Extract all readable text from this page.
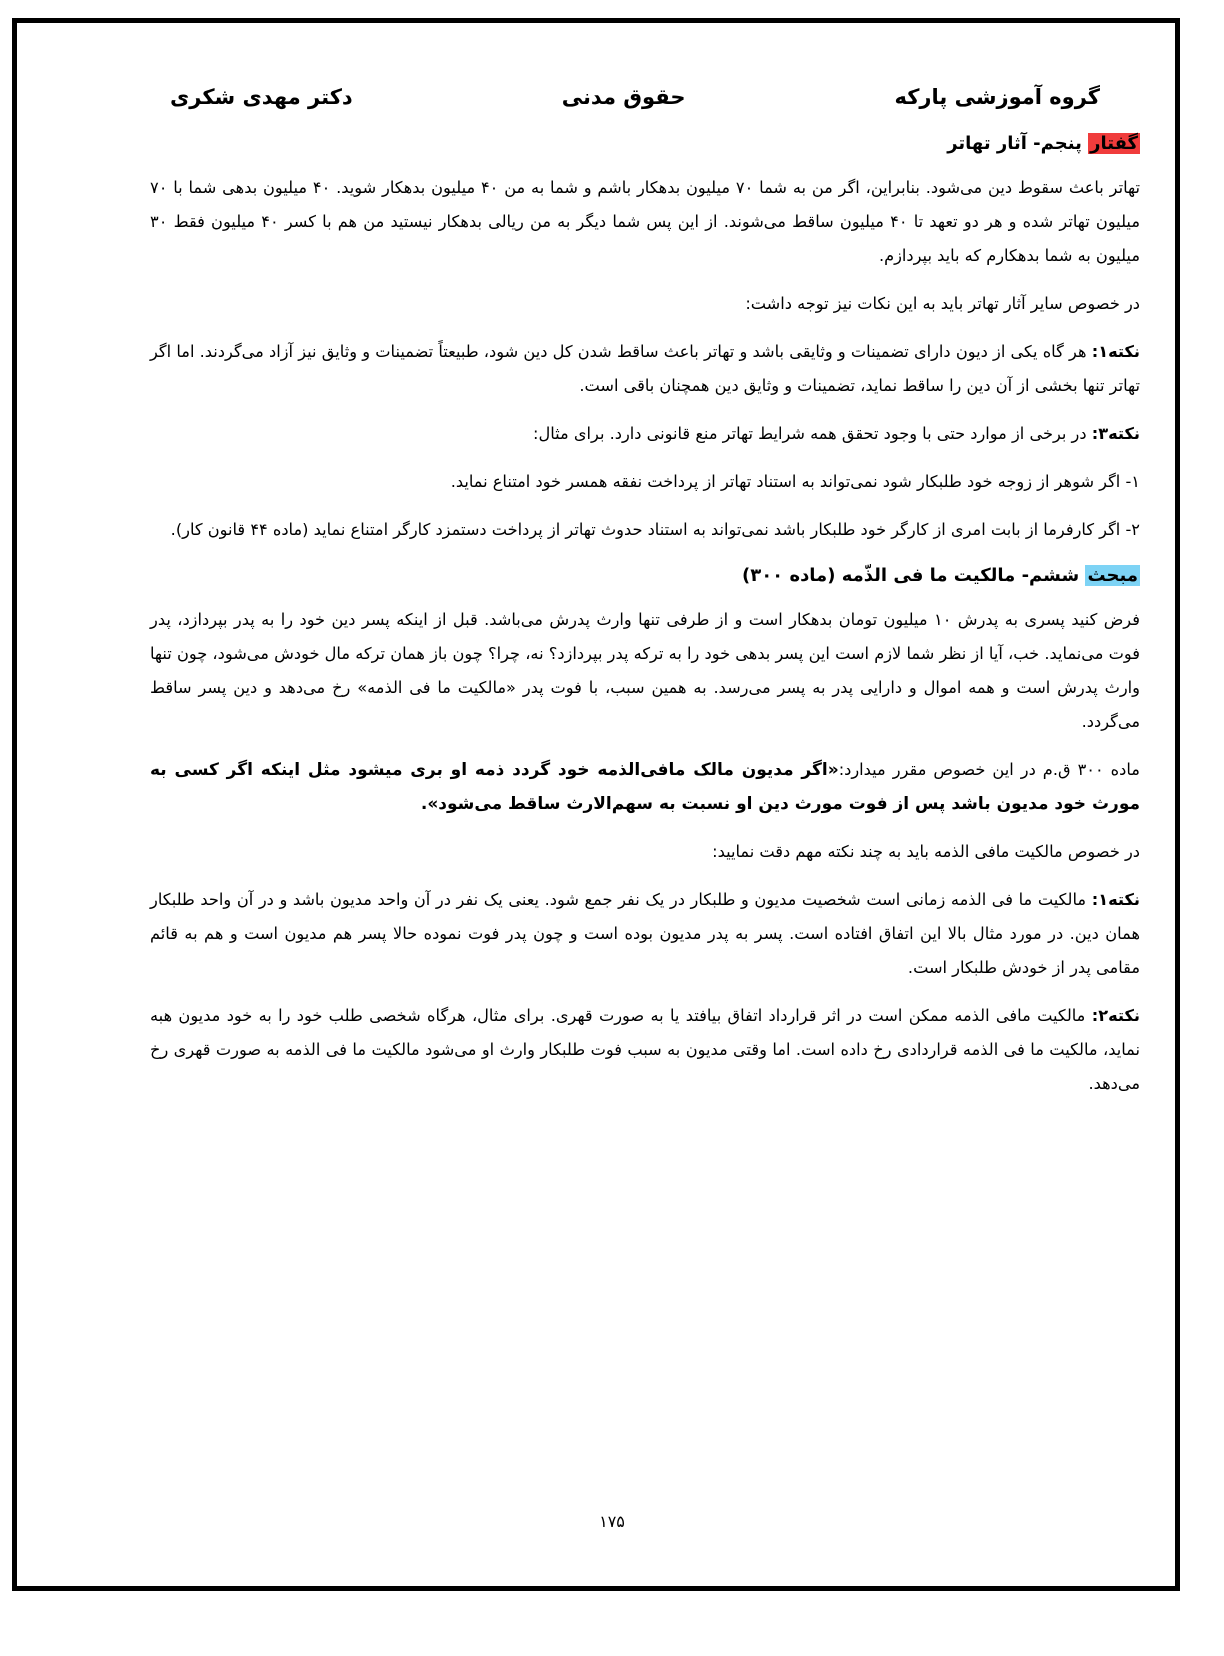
گروه آموزشی پارکه
حقوق مدنی
دکتر مهدی شکری
گفتار پنجم- آثار تهاتر

تهاتر باعث سقوط دین می‌شود. بنابراین، اگر من به شما ۷۰ میلیون بدهکار باشم و شما به من ۴۰ میلیون بدهکار شوید. ۴۰ میلیون بدهی شما با ۷۰ میلیون تهاتر شده و هر دو تعهد تا ۴۰ میلیون ساقط می‌شوند. از این پس شما دیگر به من ریالی بدهکار نیستید من هم با کسر ۴۰ میلیون فقط ۳۰ میلیون به شما بدهکارم که باید بپردازم.

در خصوص سایر آثار تهاتر باید به این نکات نیز توجه داشت:

نکته۱: هر گاه یکی از دیون دارای تضمینات و وثایقی باشد و تهاتر باعث ساقط شدن کل دین شود، طبیعتاً تضمینات و وثایق نیز آزاد می‌گردند. اما اگر تهاتر تنها بخشی از آن دین را ساقط نماید، تضمینات و وثایق دین همچنان باقی است.

نکته۳: در برخی از موارد حتی با وجود تحقق همه شرایط تهاتر منع قانونی دارد. برای مثال:

۱- اگر شوهر از زوجه خود طلبکار شود نمی‌تواند به استناد تهاتر از پرداخت نفقه همسر خود امتناع نماید.

۲- اگر کارفرما از بابت امری از کارگر خود طلبکار باشد نمی‌تواند به استناد حدوث تهاتر از پرداخت دستمزد کارگر امتناع نماید (ماده ۴۴ قانون کار).

مبحث ششم- مالکیت ما فی الذّمه (ماده ۳۰۰)

فرض کنید پسری به پدرش ۱۰ میلیون تومان بدهکار است و از طرفی تنها وارث پدرش می‌باشد. قبل از اینکه پسر دین خود را به پدر بپردازد، پدر فوت می‌نماید. خب، آیا از نظر شما لازم است این پسر بدهی خود را به ترکه پدر بپردازد؟ نه، چرا؟ چون باز همان ترکه مال خودش می‌شود، چون تنها وارث پدرش است و همه اموال و دارایی پدر به پسر می‌رسد. به همین سبب، با فوت پدر «مالکیت ما فی الذمه» رخ می‌دهد و دین پسر ساقط می‌گردد.

ماده ۳۰۰ ق.م در این خصوص مقرر میدارد:«اگر مدیون مالک مافی‌الذمه خود گردد ذمه او بری میشود مثل اینکه اگر کسی به مورث خود مدیون باشد پس از فوت مورث دین او نسبت به سهم‌الارث ساقط می‌شود».

در خصوص مالکیت مافی الذمه باید به چند نکته مهم دقت نمایید:

نکته۱: مالکیت ما فی الذمه زمانی است شخصیت مدیون و طلبکار در یک نفر جمع شود. یعنی یک نفر در آن واحد مدیون باشد و در آن واحد طلبکار همان دین. در مورد مثال بالا این اتفاق افتاده است. پسر به پدر مدیون بوده است و چون پدر فوت نموده حالا پسر هم مدیون است و هم به قائم مقامی پدر از خودش طلبکار است.

نکته۲: مالکیت مافی الذمه ممکن است در اثر قرارداد اتفاق بیافتد یا به صورت قهری. برای مثال، هرگاه شخصی طلب خود را به خود مدیون هبه نماید، مالکیت ما فی الذمه قراردادی رخ داده است. اما وقتی مدیون به سبب فوت طلبکار وارث او می‌شود مالکیت ما فی الذمه به صورت قهری رخ می‌دهد.

۱۷۵
